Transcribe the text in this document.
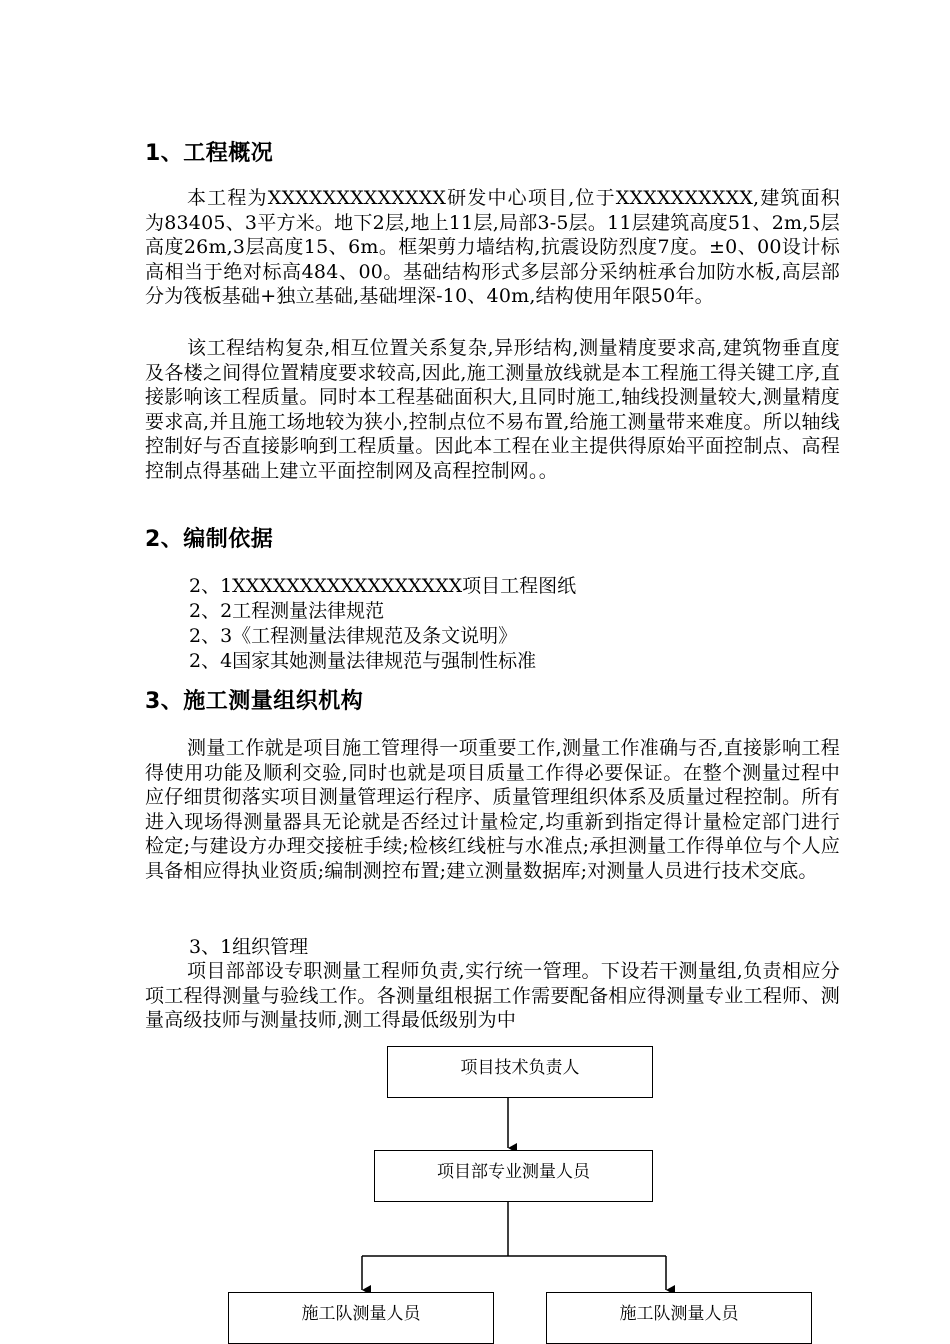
1、工程概况

本工程为XXXXXXXXXXXXX研发中心项目,位于XXXXXXXXXX,建筑面积为83405、3平方米。地下2层,地上11层,局部3-5层。11层建筑高度51、2m,5层高度26m,3层高度15、6m。框架剪力墙结构,抗震设防烈度7度。±0、00设计标高相当于绝对标高484、00。基础结构形式多层部分采纳桩承台加防水板,高层部分为筏板基础+独立基础,基础埋深-10、40m,结构使用年限50年。

该工程结构复杂,相互位置关系复杂,异形结构,测量精度要求高,建筑物垂直度及各楼之间得位置精度要求较高,因此,施工测量放线就是本工程施工得关键工序,直接影响该工程质量。同时本工程基础面积大,且同时施工,轴线投测量较大,测量精度要求高,并且施工场地较为狭小,控制点位不易布置,给施工测量带来难度。所以轴线控制好与否直接影响到工程质量。因此本工程在业主提供得原始平面控制点、高程控制点得基础上建立平面控制网及高程控制网。。

2、编制依据

2、1XXXXXXXXXXXXXXXXX项目工程图纸

2、2工程测量法律规范

2、3《工程测量法律规范及条文说明》

2、4国家其她测量法律规范与强制性标准

3、施工测量组织机构

测量工作就是项目施工管理得一项重要工作,测量工作准确与否,直接影响工程得使用功能及顺利交验,同时也就是项目质量工作得必要保证。在整个测量过程中应仔细贯彻落实项目测量管理运行程序、质量管理组织体系及质量过程控制。所有进入现场得测量器具无论就是否经过计量检定,均重新到指定得计量检定部门进行检定;与建设方办理交接桩手续;检核红线桩与水准点;承担测量工作得单位与个人应具备相应得执业资质;编制测控布置;建立测量数据库;对测量人员进行技术交底。

3、1组织管理

项目部部设专职测量工程师负责,实行统一管理。下设若干测量组,负责相应分项工程得测量与验线工作。各测量组根据工作需要配备相应得测量专业工程师、测量高级技师与测量技师,测工得最低级别为中

项目技术负责人
项目部专业测量人员
施工队测量人员	施工队测量人员
